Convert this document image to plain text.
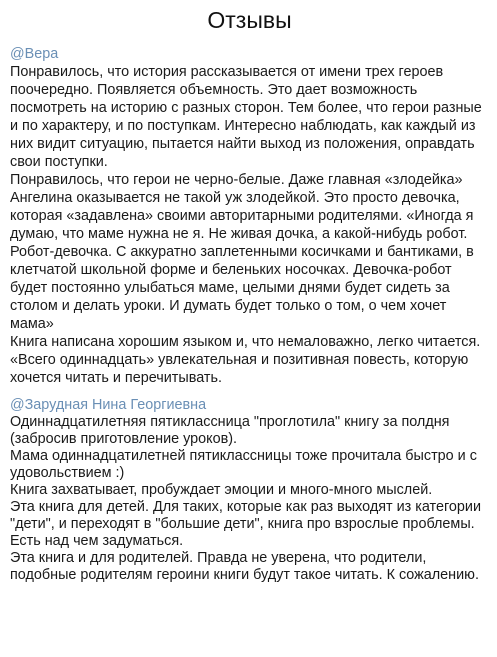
Отзывы
@Вера

Понравилось, что история рассказывается от имени трех героев поочередно. Появляется объемность. Это дает возможность посмотреть на историю с разных сторон. Тем более, что герои разные и по характеру, и по поступкам. Интересно наблюдать, как каждый из них видит ситуацию, пытается найти выход из положения, оправдать свои поступки.

Понравилось, что герои не черно-белые. Даже главная «злодейка» Ангелина оказывается не такой уж злодейкой. Это просто девочка, которая «задавлена» своими авторитарными родителями. «Иногда я думаю, что маме нужна не я. Не живая дочка, а какой-нибудь робот. Робот-девочка. С аккуратно заплетенными косичками и бантиками, в клетчатой школьной форме и беленьких носочках. Девочка-робот будет постоянно улыбаться маме, целыми днями будет сидеть за столом и делать уроки. И думать будет только о том, о чем хочет мама»

Книга написана хорошим языком и, что немаловажно, легко читается. «Всего одиннадцать» увлекательная и позитивная повесть, которую хочется читать и перечитывать.

@Зарудная Нина Георгиевна

Одиннадцатилетняя пятиклассница "проглотила" книгу за полдня (забросив приготовление уроков).

Мама одиннадцатилетней пятиклассницы тоже прочитала быстро и с удовольствием :)

Книга захватывает, пробуждает эмоции и много-много мыслей.

Эта книга для детей. Для таких, которые как раз выходят из категории "дети", и переходят в "большие дети", книга про взрослые проблемы. Есть над чем задуматься.

Эта книга и для родителей. Правда не уверена, что родители, подобные родителям героини книги будут такое читать. К сожалению.
